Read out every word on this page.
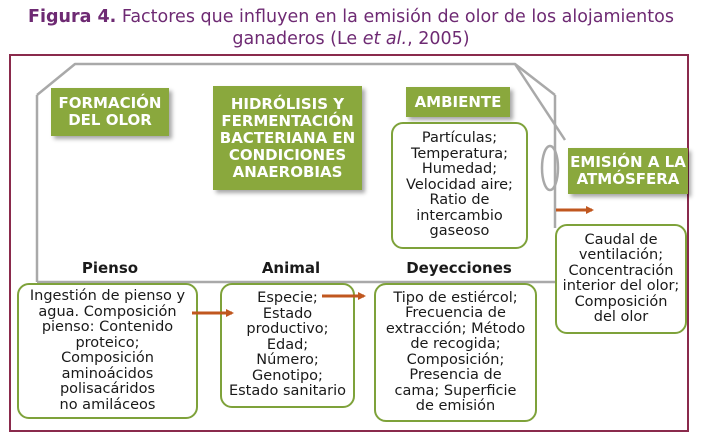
Figura 4. Factores que influyen en la emisión de olor de los alojamientos
ganaderos (Le et al., 2005)
FORMACIÓN DEL OLOR
HIDRÓLISIS Y FERMENTACIÓN BACTERIANA EN CONDICIONES ANAEROBIAS
AMBIENTE
EMISIÓN A LA ATMÓSFERA
Partículas;
Temperatura;
Humedad;
Velocidad aire;
Ratio de
intercambio
gaseoso
Caudal de
ventilación;
Concentración
interior del olor;
Composición
del olor
Pienso	Animal	Deyecciones
Ingestión de pienso y
agua. Composición
pienso: Contenido
proteico;
Composición
aminoácidos
polisacáridos
no amiláceos
Especie;
Estado
productivo;
Edad;
Número;
Genotipo;
Estado sanitario
Tipo de estiércol;
Frecuencia de
extracción; Método
de recogida;
Composición;
Presencia de
cama; Superficie
de emisión
